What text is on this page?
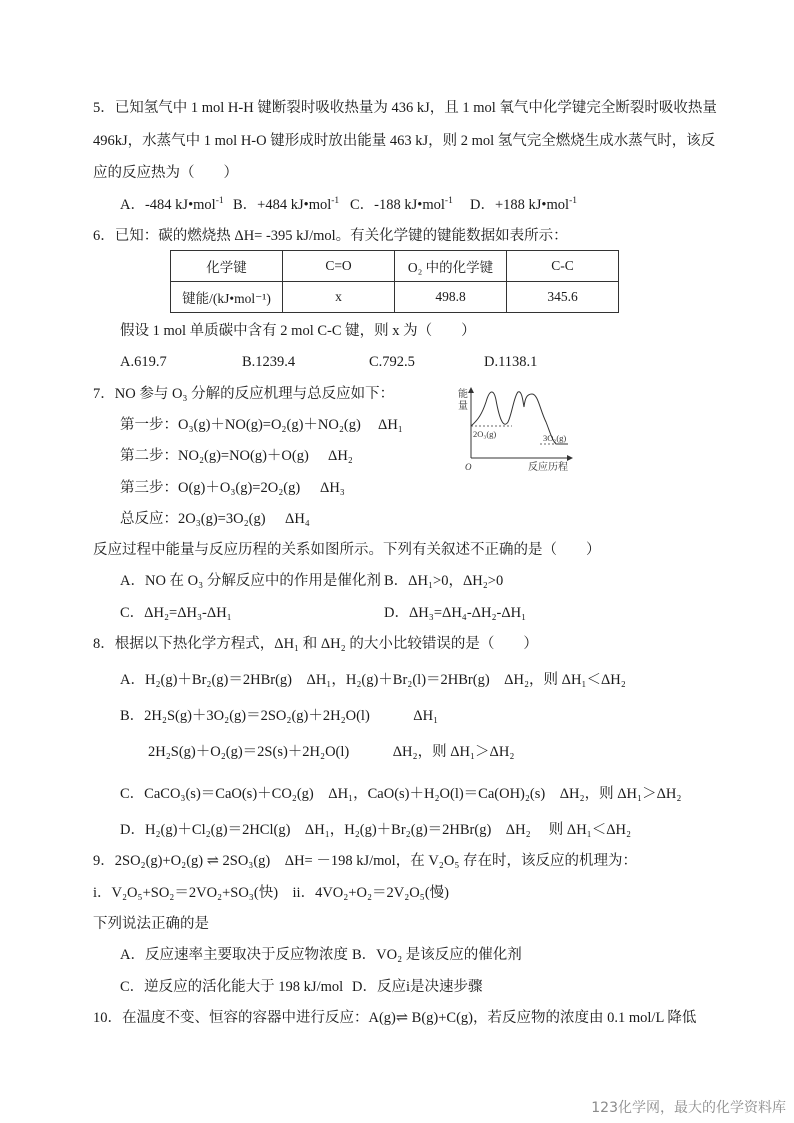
5．已知氢气中 1 mol H-H 键断裂时吸收热量为 436 kJ，且 1 mol 氧气中化学键完全断裂时吸收热量
496kJ，水蒸气中 1 mol H-O 键形成时放出能量 463 kJ，则 2 mol 氢气完全燃烧生成水蒸气时，该反
应的反应热为（　　）
A．-484 kJ•mol$^{-1}$ B．+484 kJ•mol$^{-1}$ C．-188 kJ•mol$^{-1}$ D．+188 kJ•mol$^{-1}$
6．已知：碳的燃烧热 ΔH= -395 kJ/mol。有关化学键的键能数据如表所示：
化学键	C=O	O₂ 中的化学键	C-C
键能/(kJ•mol⁻¹)	x	498.8	345.6
假设 1 mol 单质碳中含有 2 mol C-C 键，则 x 为（　　）
A.619.7	B.1239.4	C.792.5	D.1138.1
7．NO 参与 O₃ 分解的反应机理与总反应如下：
第一步：O₃(g)＋NO(g)=O₂(g)＋NO₂(g) ΔH₁
第二步：NO₂(g)=NO(g)＋O(g) ΔH₂
第三步：O(g)＋O₃(g)=2O₂(g) ΔH₃
总反应：2O₃(g)=3O₂(g) ΔH₄
能
量
O	反应历程
2O₃(g)	3O₂(g)
反应过程中能量与反应历程的关系如图所示。下列有关叙述不正确的是（　　）
A．NO 在 O₃ 分解反应中的作用是催化剂 B．ΔH₁>0，ΔH₂>0
C．ΔH₂=ΔH₃-ΔH₁	D．ΔH₃=ΔH₄-ΔH₂-ΔH₁
8．根据以下热化学方程式，ΔH₁ 和 ΔH₂ 的大小比较错误的是（　　）
A．H₂(g)＋Br₂(g)＝2HBr(g)　ΔH₁，H₂(g)＋Br₂(l)＝2HBr(g)　ΔH₂，则 ΔH₁＜ΔH₂
B．2H₂S(g)＋3O₂(g)＝2SO₂(g)＋2H₂O(l)　　　ΔH₁
2H₂S(g)＋O₂(g)＝2S(s)＋2H₂O(l)　　　ΔH₂，则 ΔH₁＞ΔH₂
C．CaCO₃(s)＝CaO(s)＋CO₂(g)　ΔH₁，CaO(s)＋H₂O(l)＝Ca(OH)₂(s)　ΔH₂，则 ΔH₁＞ΔH₂
D．H₂(g)＋Cl₂(g)＝2HCl(g)　ΔH₁，H₂(g)＋Br₂(g)＝2HBr(g)　ΔH₂　 则 ΔH₁＜ΔH₂
9．2SO₂(g)+O₂(g) ⇌ 2SO₃(g)　ΔH= －198 kJ/mol，在 V₂O₅ 存在时，该反应的机理为：
i．V₂O₅+SO₂＝2VO₂+SO₃(快)　ii．4VO₂+O₂＝2V₂O₅(慢)
下列说法正确的是
A．反应速率主要取决于反应物浓度 B．VO₂ 是该反应的催化剂
C．逆反应的活化能大于 198 kJ/mol D．反应i是决速步骤
10．在温度不变、恒容的容器中进行反应：A(g)⇌ B(g)+C(g)，若反应物的浓度由 0.1 mol/L 降低
123化学网，最大的化学资料库
